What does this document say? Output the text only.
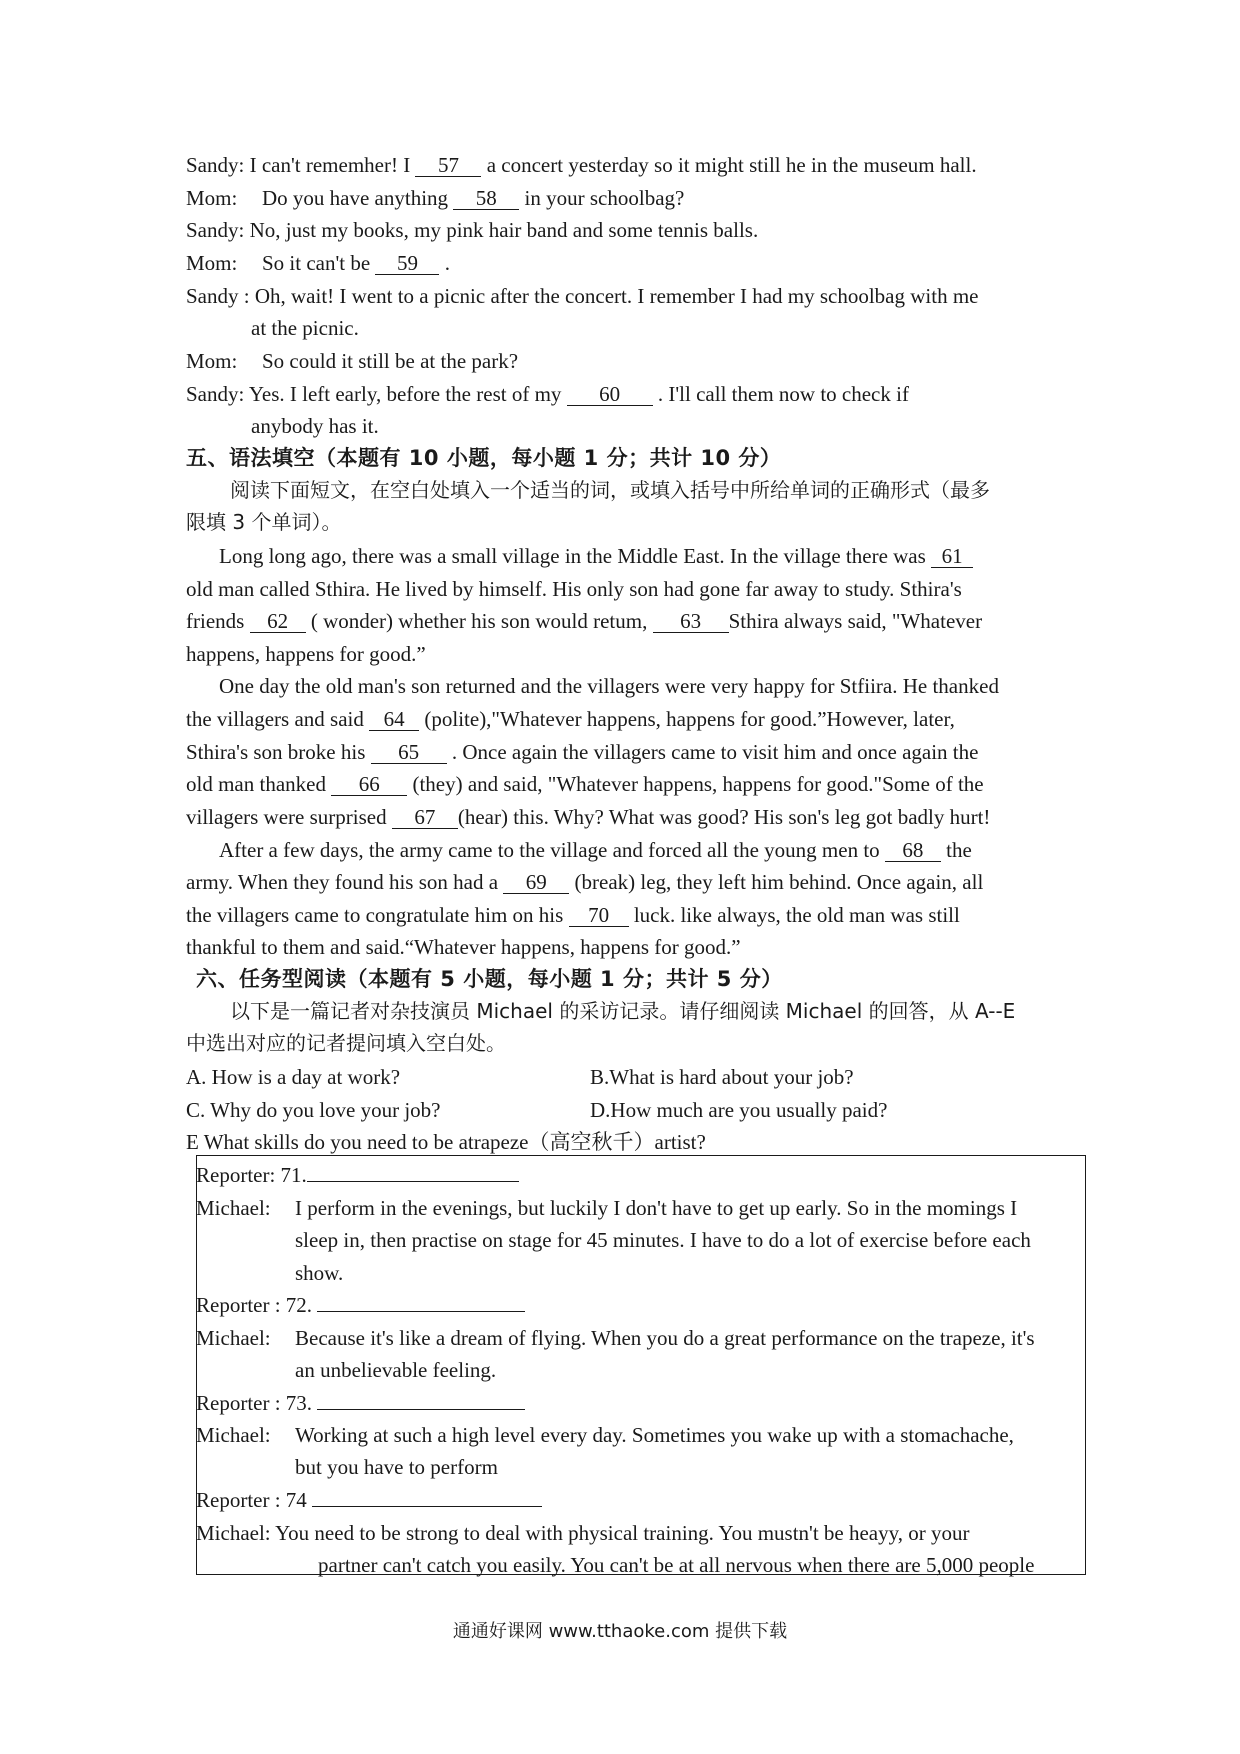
Sandy: I can't rememher! I 57 a concert yesterday so it might still he in the museum hall.
Mom: Do you have anything 58 in your schoolbag?
Sandy: No, just my books, my pink hair band and some tennis balls.
Mom: So it can't be 59 .
Sandy : Oh, wait! I went to a picnic after the concert. I remember I had my schoolbag with me
at the picnic.
Mom: So could it still be at the park?
Sandy: Yes. I left early, before the rest of my 60 . I'll call them now to check if
anybody has it.
五、语法填空（本题有 10 小题，每小题 1 分；共计 10 分）
阅读下面短文，在空白处填入一个适当的词，或填入括号中所给单词的正确形式（最多
限填 3 个单词）。
Long long ago, there was a small village in the Middle East. In the village there was 61
old man called Sthira. He lived by himself. His only son had gone far away to study. Sthira's
friends 62 ( wonder) whether his son would retum, 63 Sthira always said, "Whatever
happens, happens for good.”
One day the old man's son returned and the villagers were very happy for Stfiira. He thanked
the villagers and said 64 (polite),"Whatever happens, happens for good.”However, later,
Sthira's son broke his 65 . Once again the villagers came to visit him and once again the
old man thanked 66 (they) and said, "Whatever happens, happens for good."Some of the
villagers were surprised 67 (hear) this. Why? What was good? His son's leg got badly hurt!
After a few days, the army came to the village and forced all the young men to 68 the
army. When they found his son had a 69 (break) leg, they left him behind. Once again, all
the villagers came to congratulate him on his 70 luck. like always, the old man was still
thankful to them and said.“Whatever happens, happens for good.”
六、任务型阅读（本题有 5 小题，每小题 1 分；共计 5 分）
以下是一篇记者对杂技演员 Michael 的采访记录。请仔细阅读 Michael 的回答，从 A--E
中选出对应的记者提问填入空白处。
A. How is a day at work?	B.What is hard about your job?
C. Why do you love your job?	D.How much are you usually paid?
E What skills do you need to be atrapeze（高空秋千）artist?
Reporter: 71.
Michael: I perform in the evenings, but luckily I don't have to get up early. So in the momings I
sleep in, then practise on stage for 45 minutes. I have to do a lot of exercise before each
show.
Reporter : 72.
Michael: Because it's like a dream of flying. When you do a great performance on the trapeze, it's
an unbelievable feeling.
Reporter : 73.
Michael: Working at such a high level every day. Sometimes you wake up with a stomachache,
but you have to perform
Reporter : 74
Michael: You need to be strong to deal with physical training. You mustn't be heayy, or your
partner can't catch you easily. You can't be at all nervous when there are 5,000 people
通通好课网 www.tthaoke.com 提供下载
